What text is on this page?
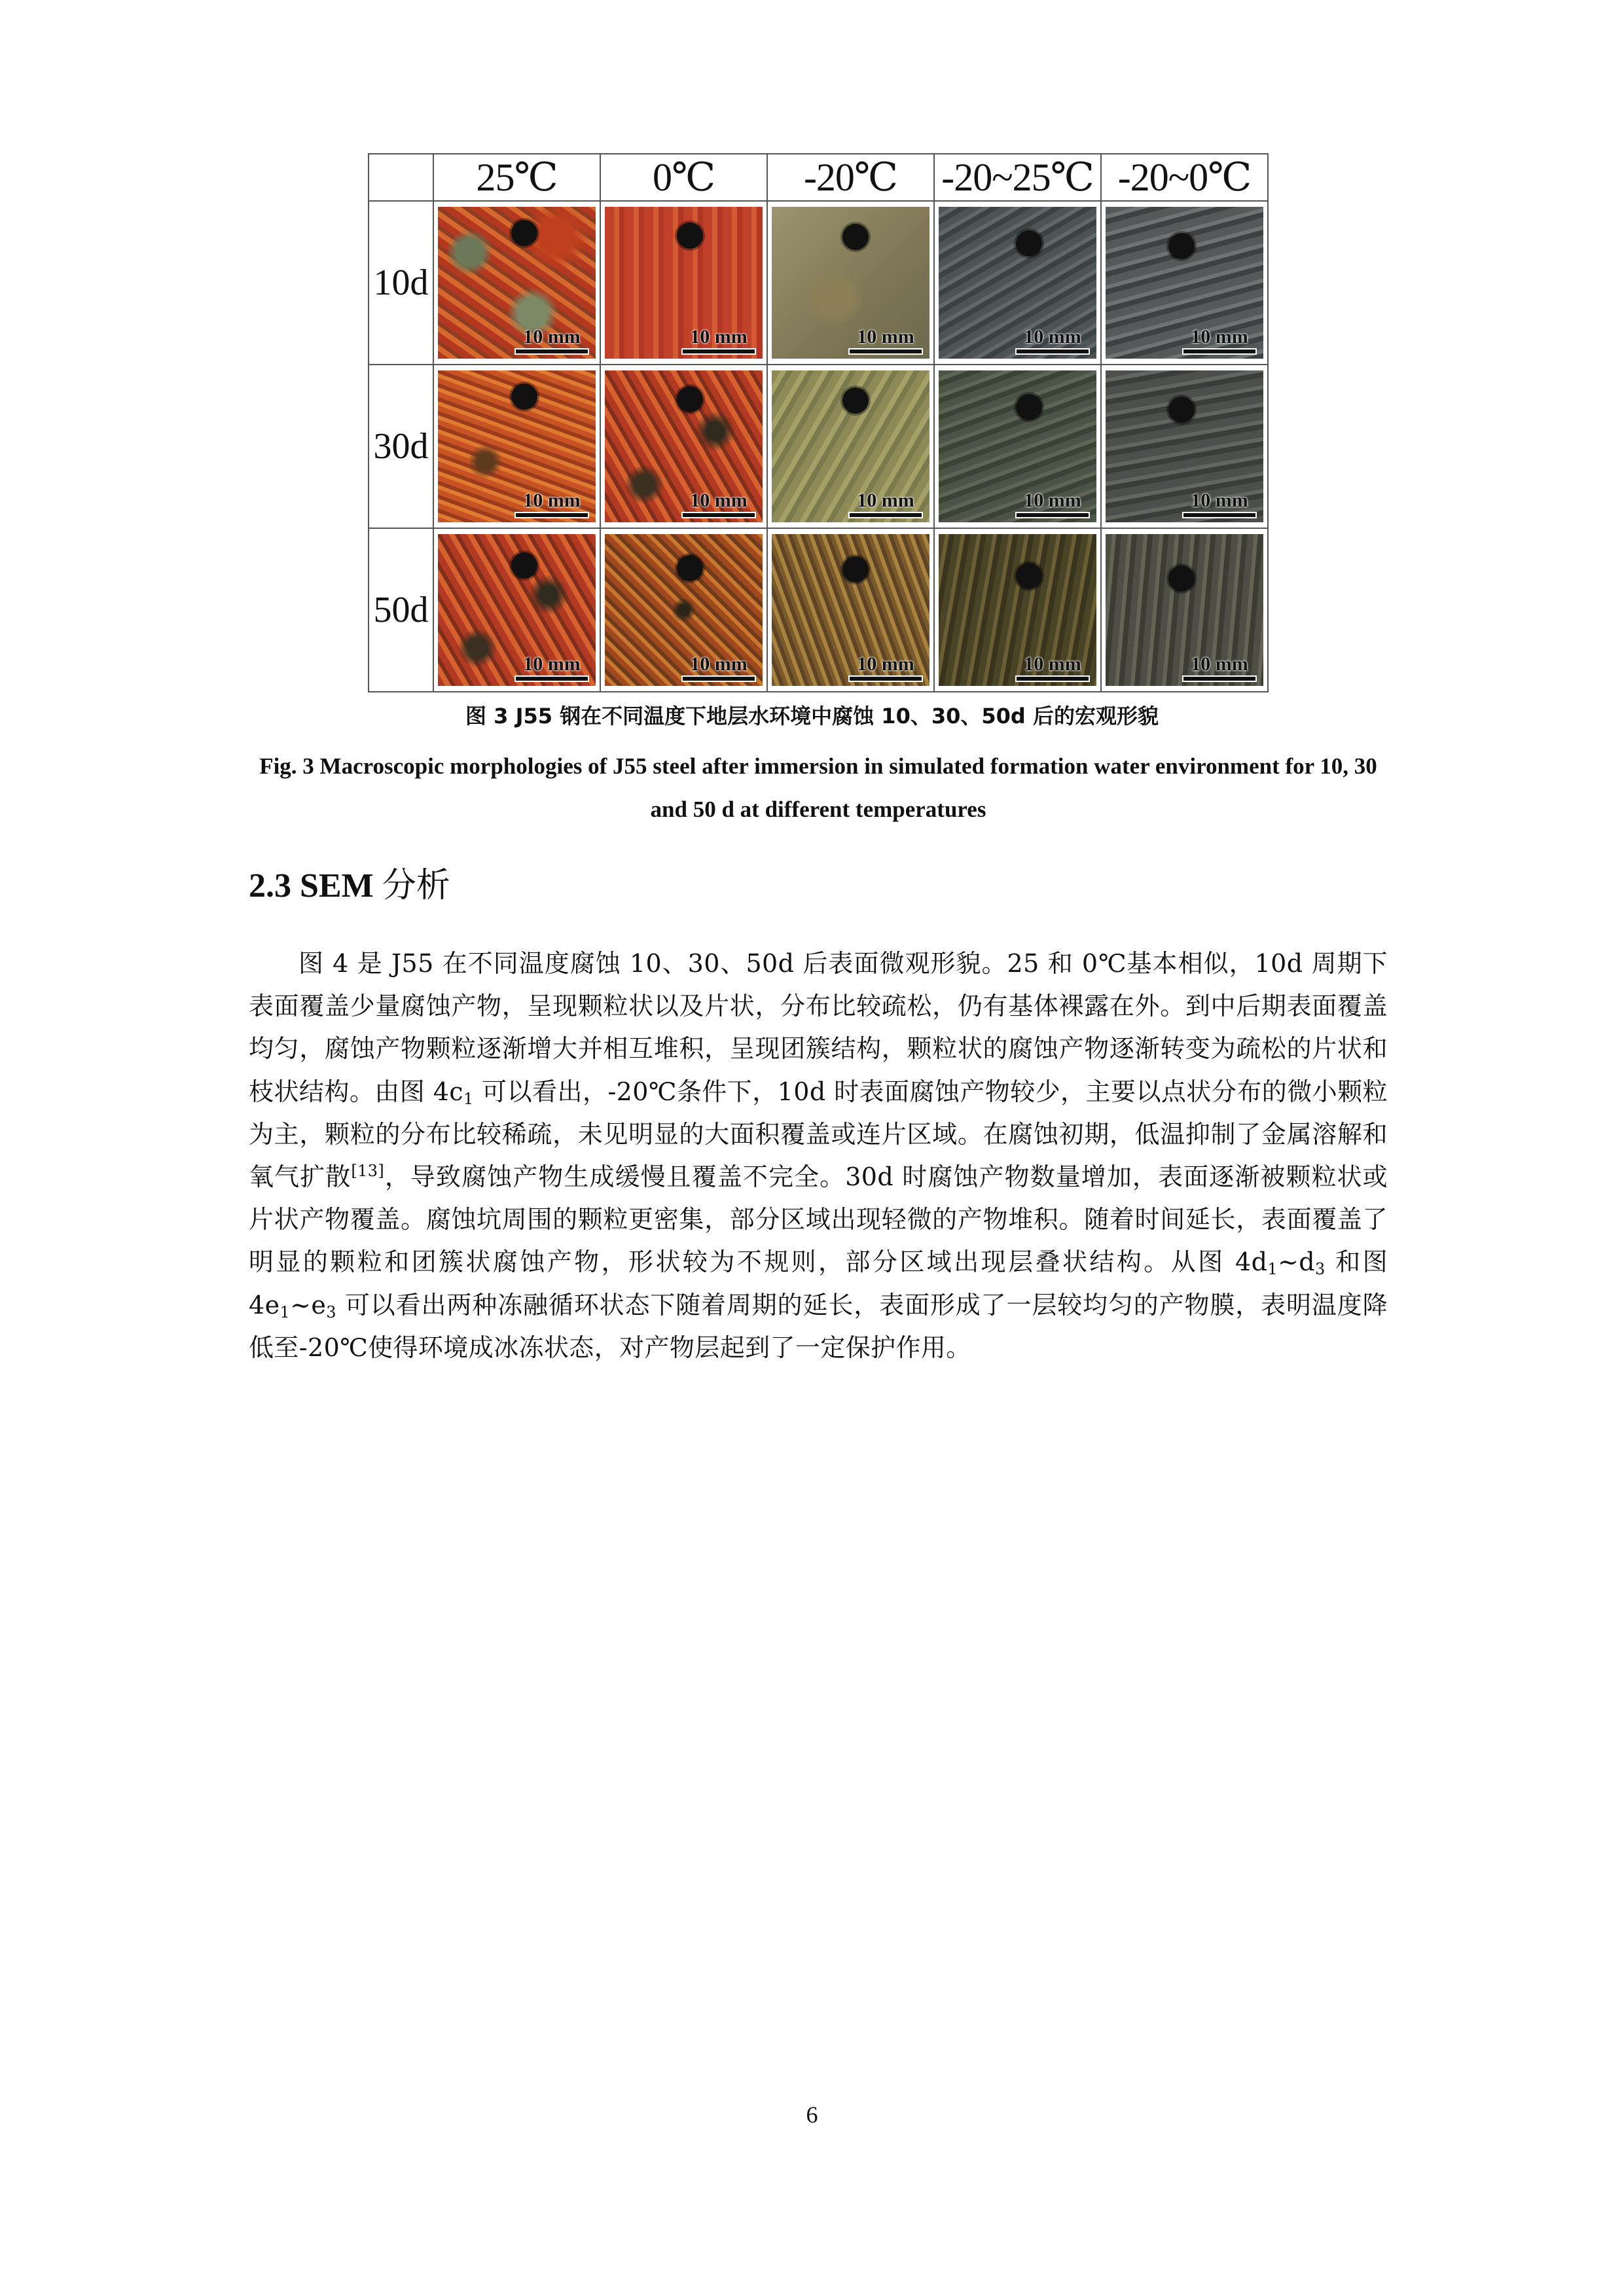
	25℃	0℃	-20℃	-20~25℃	-20~0℃

10d	10 mm	10 mm	10 mm	10 mm	10 mm

30d	10 mm	10 mm	10 mm	10 mm	10 mm

50d	10 mm	10 mm	10 mm	10 mm	10 mm
图 3 J55 钢在不同温度下地层水环境中腐蚀 10、30、50d 后的宏观形貌
Fig. 3 Macroscopic morphologies of J55 steel after immersion in simulated formation water environment for 10, 30 and 50 d at different temperatures
2.3 SEM 分析
图 4 是 J55 在不同温度腐蚀 10、30、50d 后表面微观形貌。25 和 0℃基本相似，10d 周期下表面覆盖少量腐蚀产物，呈现颗粒状以及片状，分布比较疏松，仍有基体裸露在外。到中后期表面覆盖均匀，腐蚀产物颗粒逐渐增大并相互堆积，呈现团簇结构，颗粒状的腐蚀产物逐渐转变为疏松的片状和枝状结构。由图 $4c_1$ 可以看出，-20℃条件下，10d 时表面腐蚀产物较少，主要以点状分布的微小颗粒为主，颗粒的分布比较稀疏，未见明显的大面积覆盖或连片区域。在腐蚀初期，低温抑制了金属溶解和氧气扩散[13]，导致腐蚀产物生成缓慢且覆盖不完全。30d 时腐蚀产物数量增加，表面逐渐被颗粒状或片状产物覆盖。腐蚀坑周围的颗粒更密集，部分区域出现轻微的产物堆积。随着时间延长，表面覆盖了明显的颗粒和团簇状腐蚀产物，形状较为不规则，部分区域出现层叠状结构。从图 $4d_1\sim d_3$ 和图 $4e_1\sim e_3$ 可以看出两种冻融循环状态下随着周期的延长，表面形成了一层较均匀的产物膜，表明温度降低至-20℃使得环境成冰冻状态，对产物层起到了一定保护作用。
6
